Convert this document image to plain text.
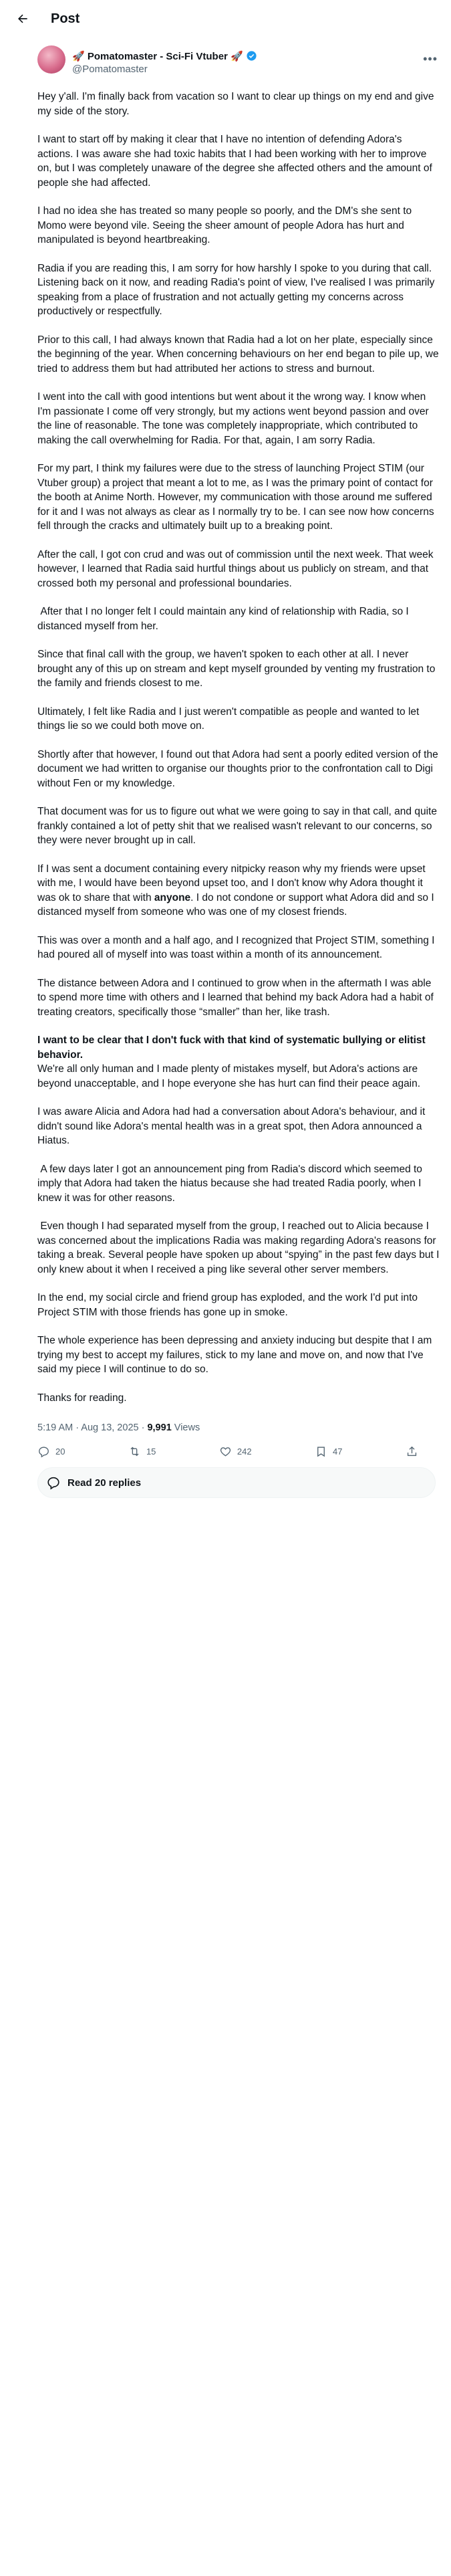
Post
🚀 Pomatomaster - Sci-Fi Vtuber 🚀
@Pomatomaster
•••

Hey y'all. I'm finally back from vacation so I want to clear up things on my end and give my side of the story.

I want to start off by making it clear that I have no intention of defending Adora's actions. I was aware she had toxic habits that I had been working with her to improve on, but I was completely unaware of the degree she affected others and the amount of people she had affected.

I had no idea she has treated so many people so poorly, and the DM's she sent to Momo were beyond vile. Seeing the sheer amount of people Adora has hurt and manipulated is beyond heartbreaking.

Radia if you are reading this, I am sorry for how harshly I spoke to you during that call. Listening back on it now, and reading Radia's point of view, I've realised I was primarily speaking from a place of frustration and not actually getting my concerns across productively or respectfully.

Prior to this call, I had always known that Radia had a lot on her plate, especially since the beginning of the year. When concerning behaviours on her end began to pile up, we tried to address them but had attributed her actions to stress and burnout.

I went into the call with good intentions but went about it the wrong way. I know when I'm passionate I come off very strongly, but my actions went beyond passion and over the line of reasonable. The tone was completely inappropriate, which contributed to making the call overwhelming for Radia. For that, again, I am sorry Radia.

For my part, I think my failures were due to the stress of launching Project STIM (our Vtuber group) a project that meant a lot to me, as I was the primary point of contact for the booth at Anime North. However, my communication with those around me suffered for it and I was not always as clear as I normally try to be. I can see now how concerns fell through the cracks and ultimately built up to a breaking point.

After the call, I got con crud and was out of commission until the next week. That week however, I learned that Radia said hurtful things about us publicly on stream, and that crossed both my personal and professional boundaries.

After that I no longer felt I could maintain any kind of relationship with Radia, so I distanced myself from her.

Since that final call with the group, we haven't spoken to each other at all. I never brought any of this up on stream and kept myself grounded by venting my frustration to the family and friends closest to me.

Ultimately, I felt like Radia and I just weren't compatible as people and wanted to let things lie so we could both move on.

Shortly after that however, I found out that Adora had sent a poorly edited version of the document we had written to organise our thoughts prior to the confrontation call to Digi without Fen or my knowledge.

That document was for us to figure out what we were going to say in that call, and quite frankly contained a lot of petty shit that we realised wasn't relevant to our concerns, so they were never brought up in call.

If I was sent a document containing every nitpicky reason why my friends were upset with me, I would have been beyond upset too, and I don't know why Adora thought it was ok to share that with anyone. I do not condone or support what Adora did and so I distanced myself from someone who was one of my closest friends.

This was over a month and a half ago, and I recognized that Project STIM, something I had poured all of myself into was toast within a month of its announcement.

The distance between Adora and I continued to grow when in the aftermath I was able to spend more time with others and I learned that behind my back Adora had a habit of treating creators, specifically those “smaller” than her, like trash.

I want to be clear that I don't fuck with that kind of systematic bullying or elitist behavior.

We're all only human and I made plenty of mistakes myself, but Adora's actions are beyond unacceptable, and I hope everyone she has hurt can find their peace again.

I was aware Alicia and Adora had had a conversation about Adora's behaviour, and it didn't sound like Adora's mental health was in a great spot, then Adora announced a Hiatus.

A few days later I got an announcement ping from Radia's discord which seemed to imply that Adora had taken the hiatus because she had treated Radia poorly, when I knew it was for other reasons.

Even though I had separated myself from the group, I reached out to Alicia because I was concerned about the implications Radia was making regarding Adora's reasons for taking a break. Several people have spoken up about “spying” in the past few days but I only knew about it when I received a ping like several other server members.

In the end, my social circle and friend group has exploded, and the work I'd put into Project STIM with those friends has gone up in smoke.

The whole experience has been depressing and anxiety inducing but despite that I am trying my best to accept my failures, stick to my lane and move on, and now that I've said my piece I will continue to do so.

Thanks for reading.

5:19 AM · Aug 13, 2025 · 9,991 Views
20	15	242	47
Read 20 replies
